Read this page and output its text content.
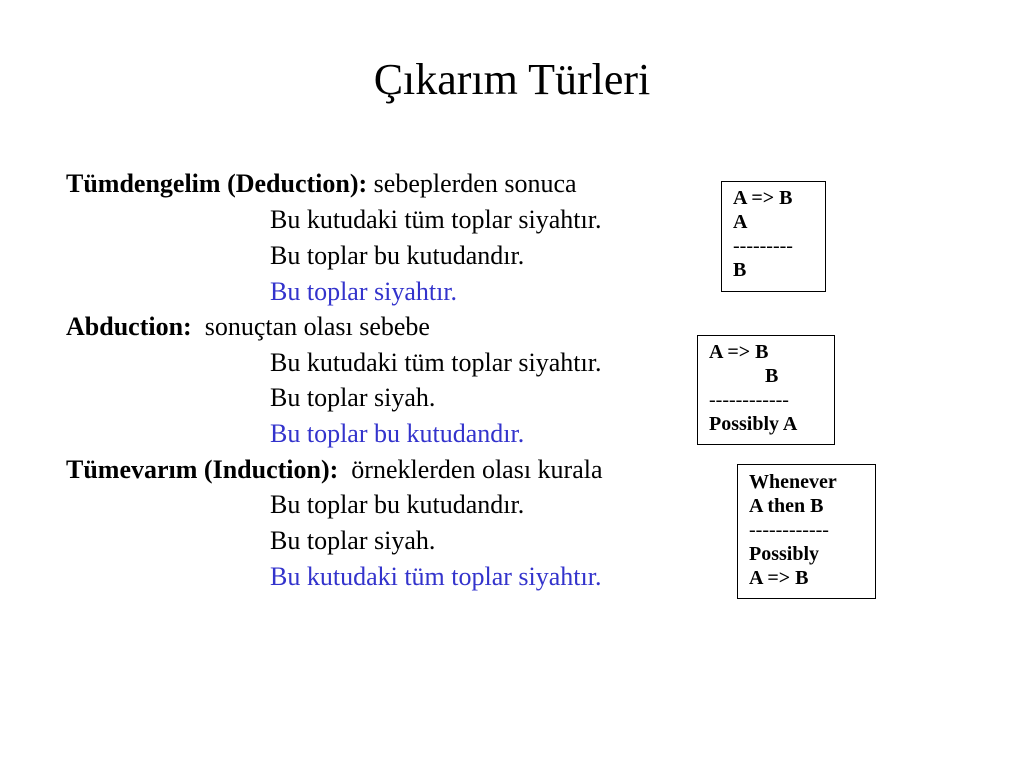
Çıkarım Türleri
Tümdengelim (Deduction): sebeplerden sonuca
Bu kutudaki tüm toplar siyahtır.
Bu toplar bu kutudandır.
Bu toplar siyahtır.
Abduction:  sonuçtan olası sebebe
Bu kutudaki tüm toplar siyahtır.
Bu toplar siyah.
Bu toplar bu kutudandır.
Tümevarım (Induction):  örneklerden olası kurala
Bu toplar bu kutudandır.
Bu toplar siyah.
Bu kutudaki tüm toplar siyahtır.
A => B
A
---------
B
A => B
B
------------
Possibly A
Whenever
A then B
------------
Possibly
A => B
